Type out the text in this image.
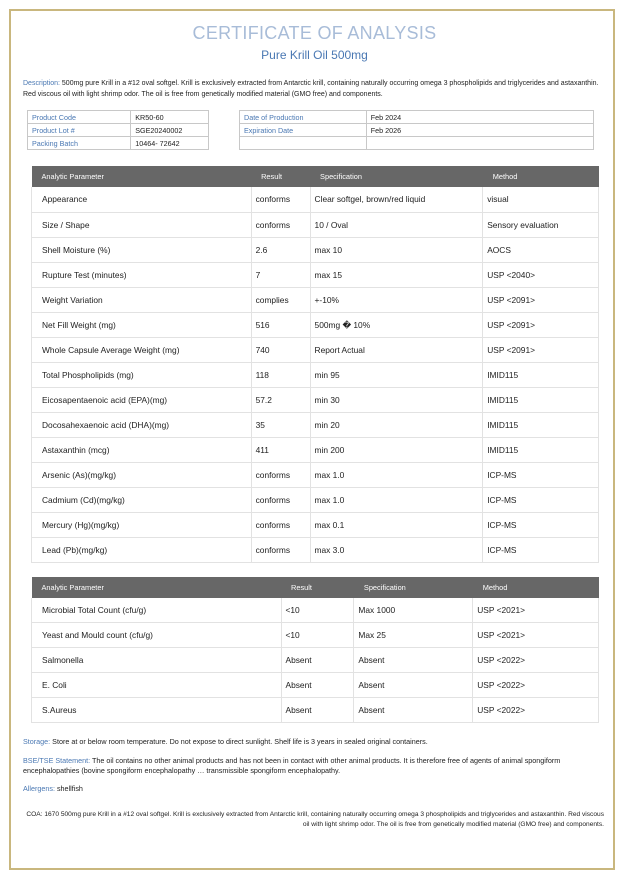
CERTIFICATE OF ANALYSIS
Pure Krill Oil 500mg
Description: 500mg pure Krill in a #12 oval softgel. Krill is exclusively extracted from Antarctic krill, containing naturally occurring omega 3 phospholipids and triglycerides and astaxanthin. Red viscous oil with light shrimp odor. The oil is free from genetically modified material (GMO free) and components.
Product Code	KR50-60
Product Lot #	SGE20240002
Packing Batch	10464- 72642
Date of Production	Feb 2024
Expiration Date	Feb 2026

Analytic Parameter	Result	Specification	Method
Appearance	conforms	Clear softgel, brown/red liquid	visual
Size / Shape	conforms	10 / Oval	Sensory evaluation
Shell Moisture (%)	2.6	max 10	AOCS
Rupture Test (minutes)	7	max 15	USP <2040>
Weight Variation	complies	+-10%	USP <2091>
Net Fill Weight (mg)	516	500mg � 10%	USP <2091>
Whole Capsule Average Weight (mg)	740	Report Actual	USP <2091>
Total Phospholipids (mg)	118	min 95	IMID115
Eicosapentaenoic acid (EPA)(mg)	57.2	min 30	IMID115
Docosahexaenoic acid (DHA)(mg)	35	min 20	IMID115
Astaxanthin (mcg)	411	min 200	IMID115
Arsenic (As)(mg/kg)	conforms	max 1.0	ICP-MS
Cadmium (Cd)(mg/kg)	conforms	max 1.0	ICP-MS
Mercury (Hg)(mg/kg)	conforms	max 0.1	ICP-MS
Lead (Pb)(mg/kg)	conforms	max 3.0	ICP-MS
Analytic Parameter	Result	Specification	Method
Microbial Total Count (cfu/g)	<10	Max 1000	USP <2021>
Yeast and Mould count (cfu/g)	<10	Max 25	USP <2021>
Salmonella	Absent	Absent	USP <2022>
E. Coli	Absent	Absent	USP <2022>
S.Aureus	Absent	Absent	USP <2022>
Storage: Store at or below room temperature. Do not expose to direct sunlight. Shelf life is 3 years in sealed original containers.
BSE/TSE Statement: The oil contains no other animal products and has not been in contact with other animal products. It is therefore free of agents of animal spongiform encephalopathies (bovine spongiform encephalopathy … transmissible spongiform encephalopathy.
Allergens: shellfish
COA: 1670 500mg pure Krill in a #12 oval softgel. Krill is exclusively extracted from Antarctic krill, containing naturally occurring omega 3 phospholipids and triglycerides and astaxanthin. Red viscous oil with light shrimp odor. The oil is free from genetically modified material (GMO free) and components.
